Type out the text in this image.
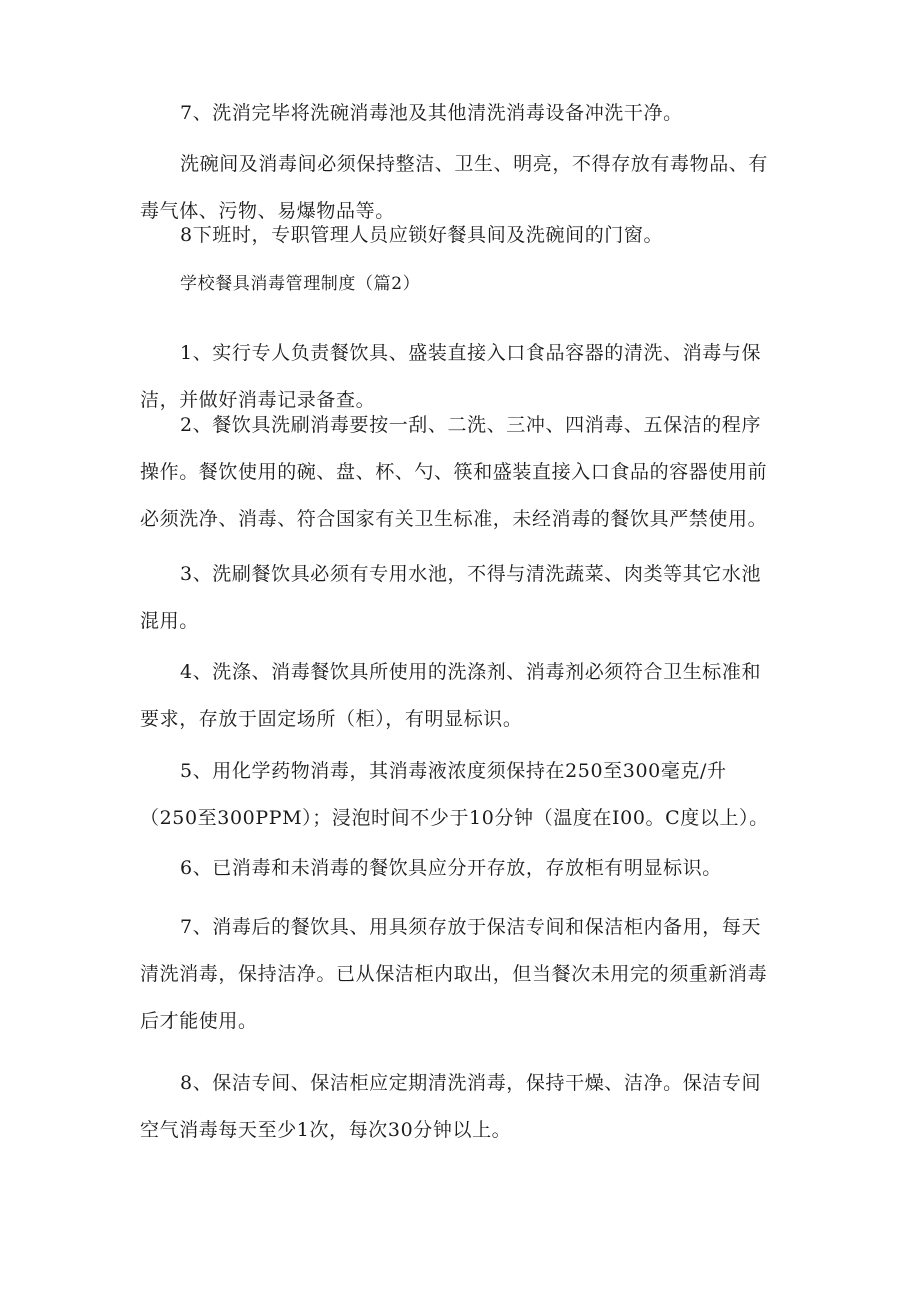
7、洗消完毕将洗碗消毒池及其他清洗消毒设备冲洗干净。
洗碗间及消毒间必须保持整洁、卫生、明亮，不得存放有毒物品、有毒气体、污物、易爆物品等。
8下班时，专职管理人员应锁好餐具间及洗碗间的门窗。
学校餐具消毒管理制度（篇2）
1、实行专人负责餐饮具、盛装直接入口食品容器的清洗、消毒与保洁，并做好消毒记录备查。
2、餐饮具洗刷消毒要按一刮、二洗、三冲、四消毒、五保洁的程序操作。餐饮使用的碗、盘、杯、勺、筷和盛装直接入口食品的容器使用前必须洗净、消毒、符合国家有关卫生标准，未经消毒的餐饮具严禁使用。
3、洗刷餐饮具必须有专用水池，不得与清洗蔬菜、肉类等其它水池混用。
4、洗涤、消毒餐饮具所使用的洗涤剂、消毒剂必须符合卫生标准和要求，存放于固定场所（柜），有明显标识。
5、用化学药物消毒，其消毒液浓度须保持在250至300毫克/升（250至300PPM）；浸泡时间不少于10分钟（温度在I00。C度以上）。
6、已消毒和未消毒的餐饮具应分开存放，存放柜有明显标识。
7、消毒后的餐饮具、用具须存放于保洁专间和保洁柜内备用，每天清洗消毒，保持洁净。已从保洁柜内取出，但当餐次未用完的须重新消毒后才能使用。
8、保洁专间、保洁柜应定期清洗消毒，保持干燥、洁净。保洁专间空气消毒每天至少1次，每次30分钟以上。
